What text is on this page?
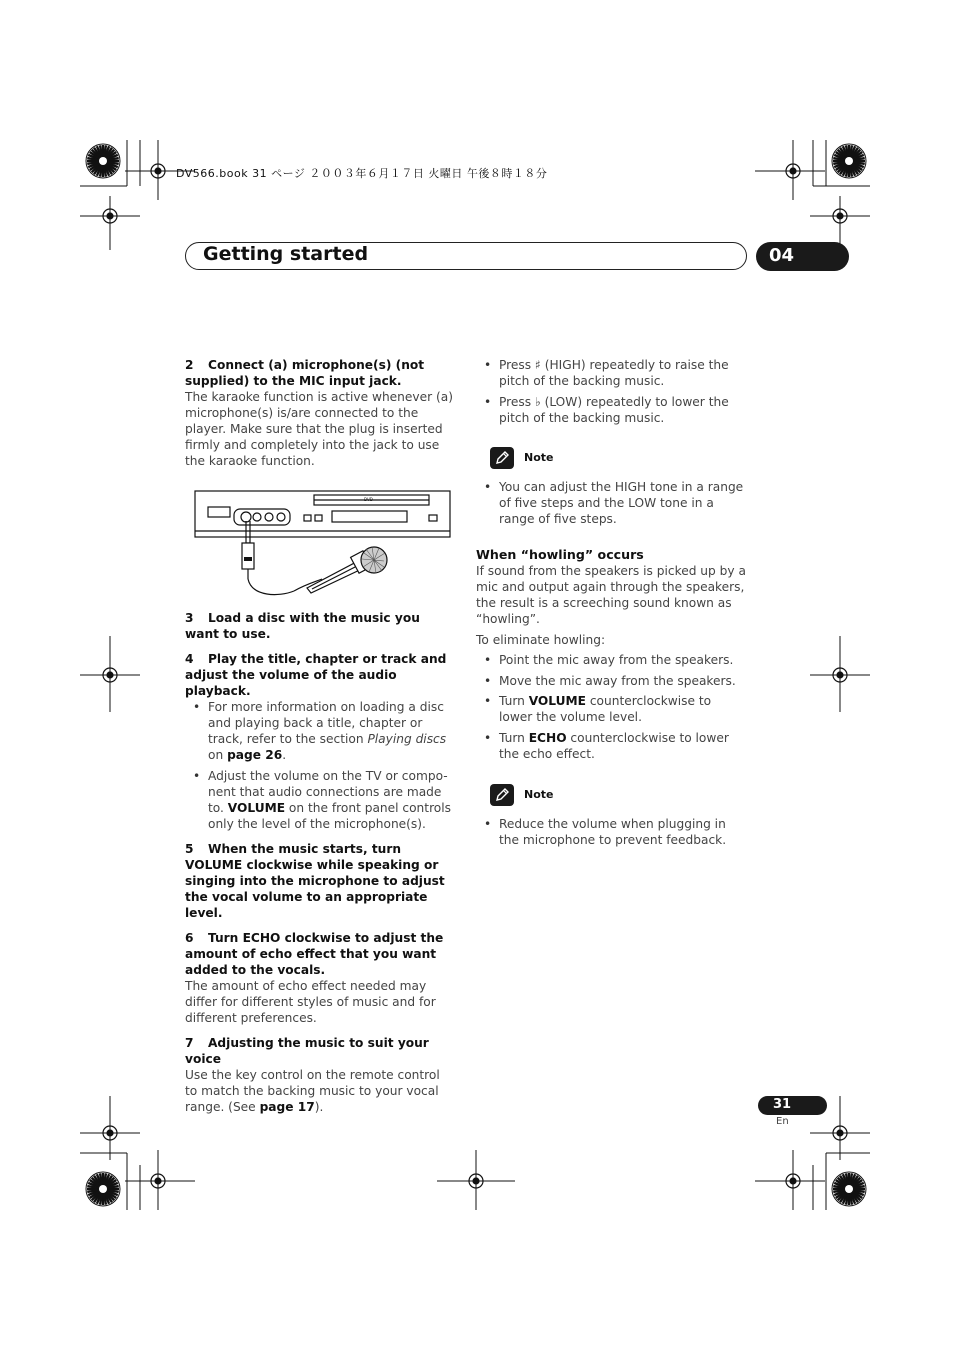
DV566.book 31 ページ ２００３年６月１７日 火曜日 午後８時１８分
Getting started	04

2 Connect (a) microphone(s) (not supplied) to the MIC input jack.

The karaoke function is active whenever (a) microphone(s) is/are connected to the player. Make sure that the plug is inserted firmly and completely into the jack to use the karaoke function.

DVD

3 Load a disc with the music you want to use.

4 Play the title, chapter or track and adjust the volume of the audio playback.

• For more information on loading a disc and playing back a title, chapter or track, refer to the section Playing discs on page 26.

• Adjust the volume on the TV or compo-nent that audio connections are made to. VOLUME on the front panel controls only the level of the microphone(s).

5 When the music starts, turn VOLUME clockwise while speaking or singing into the microphone to adjust the vocal volume to an appropriate level.

6 Turn ECHO clockwise to adjust the amount of echo effect that you want added to the vocals.

The amount of echo effect needed may differ for different styles of music and for different preferences.

7 Adjusting the music to suit your voice

Use the key control on the remote control to match the backing music to your vocal range. (See page 17).

• Press ♯ (HIGH) repeatedly to raise the pitch of the backing music.

• Press ♭ (LOW) repeatedly to lower the pitch of the backing music.

Note

• You can adjust the HIGH tone in a range of five steps and the LOW tone in a range of five steps.

When “howling” occurs

If sound from the speakers is picked up by a mic and output again through the speakers, the result is a screeching sound known as “howling”.

To eliminate howling:

• Point the mic away from the speakers.

• Move the mic away from the speakers.

• Turn VOLUME counterclockwise to lower the volume level.

• Turn ECHO counterclockwise to lower the echo effect.

Note

• Reduce the volume when plugging in the microphone to prevent feedback.

31
En
